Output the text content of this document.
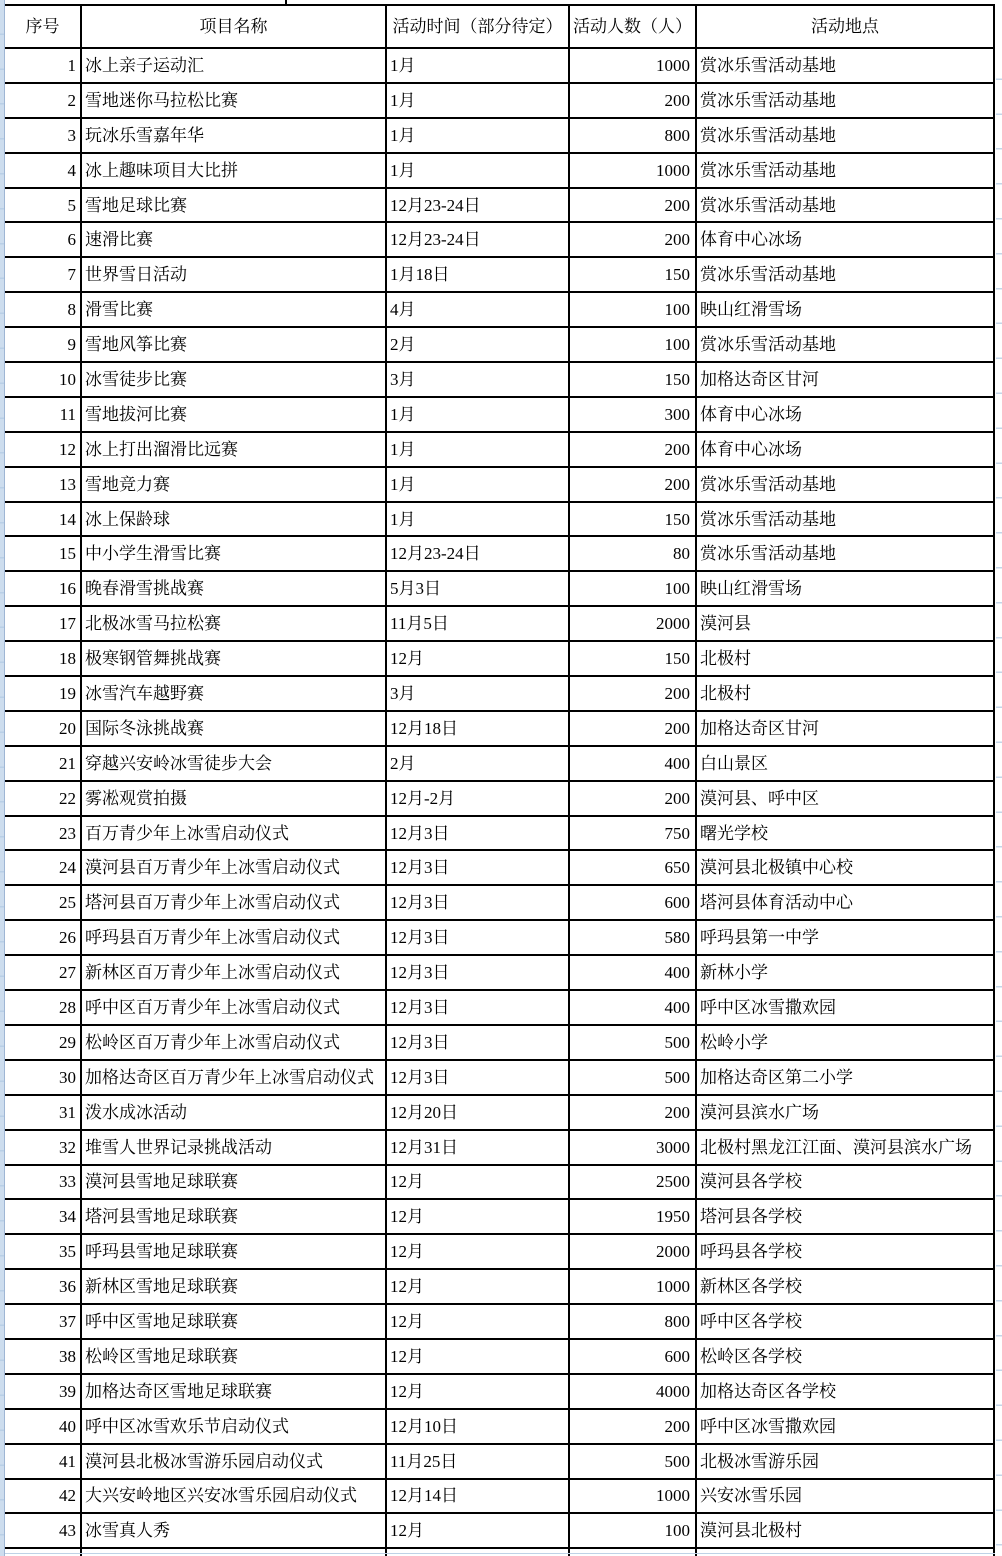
序号	项目名称	活动时间（部分待定） 活动人数（人）	活动地点
1 冰上亲子运动汇	1月	1000 赏冰乐雪活动基地
2 雪地迷你马拉松比赛	1月	200 赏冰乐雪活动基地
3 玩冰乐雪嘉年华	1月	800 赏冰乐雪活动基地
4 冰上趣味项目大比拼	1月	1000 赏冰乐雪活动基地
5 雪地足球比赛	12月23-24日	200 赏冰乐雪活动基地
6 速滑比赛	12月23-24日	200 体育中心冰场
7 世界雪日活动	1月18日	150 赏冰乐雪活动基地
8 滑雪比赛	4月	100 映山红滑雪场
9 雪地风筝比赛	2月	100 赏冰乐雪活动基地
10 冰雪徒步比赛	3月	150 加格达奇区甘河
11 雪地拔河比赛	1月	300 体育中心冰场
12 冰上打出溜滑比远赛	1月	200 体育中心冰场
13 雪地竞力赛	1月	200 赏冰乐雪活动基地
14 冰上保龄球	1月	150 赏冰乐雪活动基地
15 中小学生滑雪比赛	12月23-24日	80 赏冰乐雪活动基地
16 晚春滑雪挑战赛	5月3日	100 映山红滑雪场
17 北极冰雪马拉松赛	11月5日	2000 漠河县
18 极寒钢管舞挑战赛	12月	150 北极村
19 冰雪汽车越野赛	3月	200 北极村
20 国际冬泳挑战赛	12月18日	200 加格达奇区甘河
21 穿越兴安岭冰雪徒步大会	2月	400 白山景区
22 雾凇观赏拍摄	12月-2月	200 漠河县、呼中区
23 百万青少年上冰雪启动仪式	12月3日	750 曙光学校
24 漠河县百万青少年上冰雪启动仪式	12月3日	650 漠河县北极镇中心校
25 塔河县百万青少年上冰雪启动仪式	12月3日	600 塔河县体育活动中心
26 呼玛县百万青少年上冰雪启动仪式	12月3日	580 呼玛县第一中学
27 新林区百万青少年上冰雪启动仪式	12月3日	400 新林小学
28 呼中区百万青少年上冰雪启动仪式	12月3日	400 呼中区冰雪撒欢园
29 松岭区百万青少年上冰雪启动仪式	12月3日	500 松岭小学
30 加格达奇区百万青少年上冰雪启动仪式 12月3日	500 加格达奇区第二小学
31 泼水成冰活动	12月20日	200 漠河县滨水广场
32 堆雪人世界记录挑战活动	12月31日	3000 北极村黑龙江江面、漠河县滨水广场
33 漠河县雪地足球联赛	12月	2500 漠河县各学校
34 塔河县雪地足球联赛	12月	1950 塔河县各学校
35 呼玛县雪地足球联赛	12月	2000 呼玛县各学校
36 新林区雪地足球联赛	12月	1000 新林区各学校
37 呼中区雪地足球联赛	12月	800 呼中区各学校
38 松岭区雪地足球联赛	12月	600 松岭区各学校
39 加格达奇区雪地足球联赛	12月	4000 加格达奇区各学校
40 呼中区冰雪欢乐节启动仪式	12月10日	200 呼中区冰雪撒欢园
41 漠河县北极冰雪游乐园启动仪式	11月25日	500 北极冰雪游乐园
42 大兴安岭地区兴安冰雪乐园启动仪式	12月14日	1000 兴安冰雪乐园
43 冰雪真人秀	12月	100 漠河县北极村
